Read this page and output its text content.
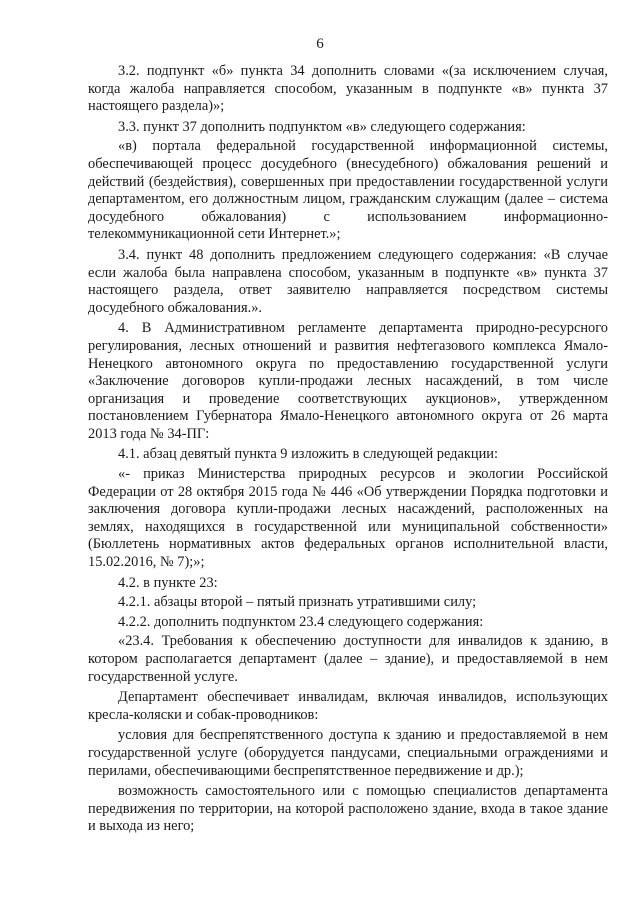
6

3.2. подпункт «б» пункта 34 дополнить словами «(за исключением случая, когда жалоба направляется способом, указанным в подпункте «в» пункта 37 настоящего раздела)»;

3.3. пункт 37 дополнить подпунктом «в» следующего содержания:

«в) портала федеральной государственной информационной системы, обеспечивающей процесс досудебного (внесудебного) обжалования решений и действий (бездействия), совершенных при предоставлении государственной услуги департаментом, его должностным лицом, гражданским служащим (далее – система досудебного обжалования) с использованием информационно-телекоммуникационной сети Интернет.»;

3.4. пункт 48 дополнить предложением следующего содержания: «В случае если жалоба была направлена способом, указанным в подпункте «в» пункта 37 настоящего раздела, ответ заявителю направляется посредством системы досудебного обжалования.».

4. В Административном регламенте департамента природно-ресурсного регулирования, лесных отношений и развития нефтегазового комплекса Ямало-Ненецкого автономного округа по предоставлению государственной услуги «Заключение договоров купли-продажи лесных насаждений, в том числе организация и проведение соответствующих аукционов», утвержденном постановлением Губернатора Ямало-Ненецкого автономного округа от 26 марта 2013 года № 34-ПГ:

4.1. абзац девятый пункта 9 изложить в следующей редакции:

«- приказ Министерства природных ресурсов и экологии Российской Федерации от 28 октября 2015 года № 446 «Об утверждении Порядка подготовки и заключения договора купли-продажи лесных насаждений, расположенных на землях, находящихся в государственной или муниципальной собственности» (Бюллетень нормативных актов федеральных органов исполнительной власти, 15.02.2016, № 7);»;

4.2. в пункте 23:

4.2.1. абзацы второй – пятый признать утратившими силу;

4.2.2. дополнить подпунктом 23.4 следующего содержания:

«23.4. Требования к обеспечению доступности для инвалидов к зданию, в котором располагается департамент (далее – здание), и предоставляемой в нем государственной услуге.

Департамент обеспечивает инвалидам, включая инвалидов, использующих кресла-коляски и собак-проводников:

условия для беспрепятственного доступа к зданию и предоставляемой в нем государственной услуге (оборудуется пандусами, специальными ограждениями и перилами, обеспечивающими беспрепятственное передвижение и др.);

возможность самостоятельного или с помощью специалистов департамента передвижения по территории, на которой расположено здание, входа в такое здание и выхода из него;
